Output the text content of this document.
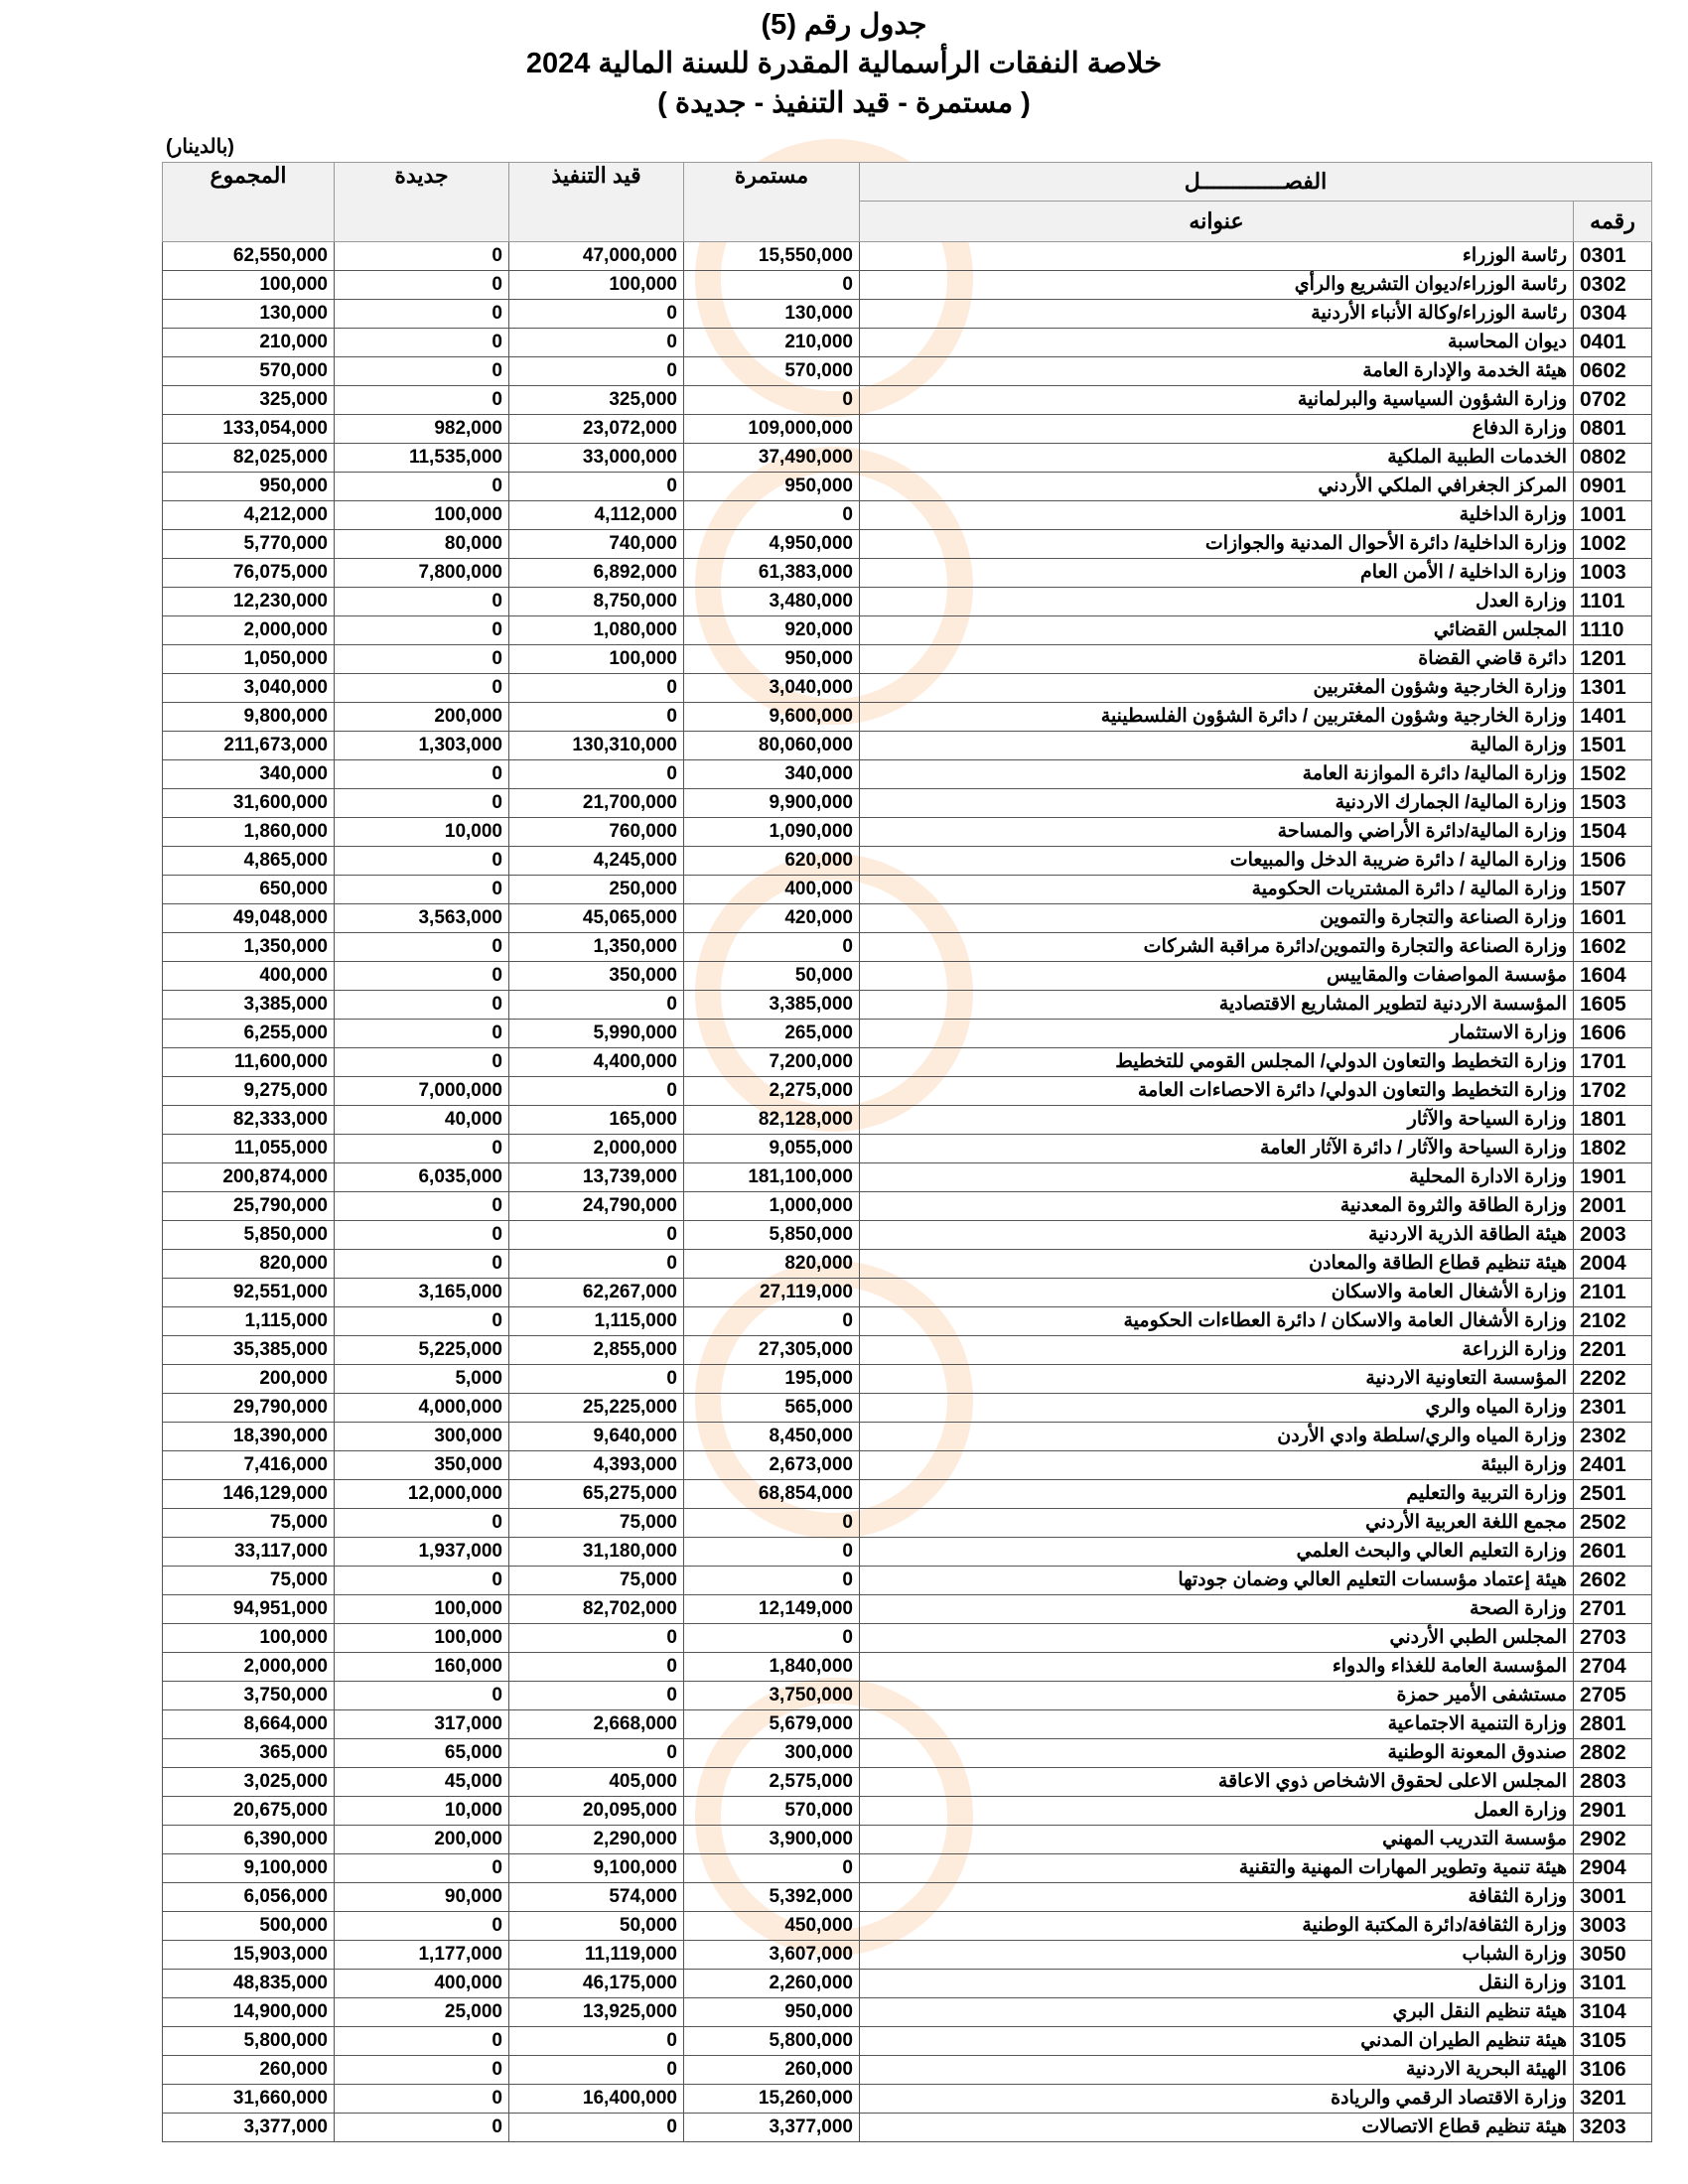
جدول رقم (5)
خلاصة النفقات الرأسمالية المقدرة للسنة المالية 2024
( مستمرة - قيد التنفيذ - جديدة )
(بالدينار)
المجموع	جديدة	قيد التنفيذ	مستمرة	الفصـــــــــــــل	
				عنوانه	رقمه
62,550,000	0	47,000,000	15,550,000	رئاسة الوزراء	0301
100,000	0	100,000	0	رئاسة الوزراء/ديوان التشريع والرأي	0302
130,000	0	0	130,000	رئاسة الوزراء/وكالة الأنباء الأردنية	0304
210,000	0	0	210,000	ديوان المحاسبة	0401
570,000	0	0	570,000	هيئة الخدمة والإدارة العامة	0602
325,000	0	325,000	0	وزارة الشؤون السياسية والبرلمانية	0702
133,054,000	982,000	23,072,000	109,000,000	وزارة الدفاع	0801
82,025,000	11,535,000	33,000,000	37,490,000	الخدمات الطبية الملكية	0802
950,000	0	0	950,000	المركز الجغرافي الملكي الأردني	0901
4,212,000	100,000	4,112,000	0	وزارة الداخلية	1001
5,770,000	80,000	740,000	4,950,000	وزارة الداخلية/ دائرة الأحوال المدنية والجوازات	1002
76,075,000	7,800,000	6,892,000	61,383,000	وزارة الداخلية / الأمن العام	1003
12,230,000	0	8,750,000	3,480,000	وزارة العدل	1101
2,000,000	0	1,080,000	920,000	المجلس القضائي	1110
1,050,000	0	100,000	950,000	دائرة قاضي القضاة	1201
3,040,000	0	0	3,040,000	وزارة الخارجية وشؤون المغتربين	1301
9,800,000	200,000	0	9,600,000	وزارة الخارجية وشؤون المغتربين / دائرة الشؤون الفلسطينية	1401
211,673,000	1,303,000	130,310,000	80,060,000	وزارة المالية	1501
340,000	0	0	340,000	وزارة المالية/ دائرة الموازنة العامة	1502
31,600,000	0	21,700,000	9,900,000	وزارة المالية/ الجمارك الاردنية	1503
1,860,000	10,000	760,000	1,090,000	وزارة المالية/دائرة الأراضي والمساحة	1504
4,865,000	0	4,245,000	620,000	وزارة المالية / دائرة ضريبة الدخل والمبيعات	1506
650,000	0	250,000	400,000	وزارة المالية / دائرة المشتريات الحكومية	1507
49,048,000	3,563,000	45,065,000	420,000	وزارة الصناعة والتجارة والتموين	1601
1,350,000	0	1,350,000	0	وزارة الصناعة والتجارة والتموين/دائرة مراقبة الشركات	1602
400,000	0	350,000	50,000	مؤسسة المواصفات والمقاييس	1604
3,385,000	0	0	3,385,000	المؤسسة الاردنية لتطوير المشاريع الاقتصادية	1605
6,255,000	0	5,990,000	265,000	وزارة الاستثمار	1606
11,600,000	0	4,400,000	7,200,000	وزارة التخطيط والتعاون الدولي/ المجلس القومي للتخطيط	1701
9,275,000	7,000,000	0	2,275,000	وزارة التخطيط والتعاون الدولي/ دائرة الاحصاءات العامة	1702
82,333,000	40,000	165,000	82,128,000	وزارة السياحة والآثار	1801
11,055,000	0	2,000,000	9,055,000	وزارة السياحة والآثار / دائرة الآثار العامة	1802
200,874,000	6,035,000	13,739,000	181,100,000	وزارة الادارة المحلية	1901
25,790,000	0	24,790,000	1,000,000	وزارة الطاقة والثروة المعدنية	2001
5,850,000	0	0	5,850,000	هيئة الطاقة الذرية الاردنية	2003
820,000	0	0	820,000	هيئة تنظيم قطاع الطاقة والمعادن	2004
92,551,000	3,165,000	62,267,000	27,119,000	وزارة الأشغال العامة والاسكان	2101
1,115,000	0	1,115,000	0	وزارة الأشغال العامة والاسكان / دائرة العطاءات الحكومية	2102
35,385,000	5,225,000	2,855,000	27,305,000	وزارة الزراعة	2201
200,000	5,000	0	195,000	المؤسسة التعاونية الاردنية	2202
29,790,000	4,000,000	25,225,000	565,000	وزارة المياه والري	2301
18,390,000	300,000	9,640,000	8,450,000	وزارة المياه والري/سلطة وادي الأردن	2302
7,416,000	350,000	4,393,000	2,673,000	وزارة البيئة	2401
146,129,000	12,000,000	65,275,000	68,854,000	وزارة التربية والتعليم	2501
75,000	0	75,000	0	مجمع اللغة العربية الأردني	2502
33,117,000	1,937,000	31,180,000	0	وزارة التعليم العالي والبحث العلمي	2601
75,000	0	75,000	0	هيئة إعتماد مؤسسات التعليم العالي وضمان جودتها	2602
94,951,000	100,000	82,702,000	12,149,000	وزارة الصحة	2701
100,000	100,000	0	0	المجلس الطبي الأردني	2703
2,000,000	160,000	0	1,840,000	المؤسسة العامة للغذاء والدواء	2704
3,750,000	0	0	3,750,000	مستشفى الأمير حمزة	2705
8,664,000	317,000	2,668,000	5,679,000	وزارة التنمية الاجتماعية	2801
365,000	65,000	0	300,000	صندوق المعونة الوطنية	2802
3,025,000	45,000	405,000	2,575,000	المجلس الاعلى لحقوق الاشخاص ذوي الاعاقة	2803
20,675,000	10,000	20,095,000	570,000	وزارة العمل	2901
6,390,000	200,000	2,290,000	3,900,000	مؤسسة التدريب المهني	2902
9,100,000	0	9,100,000	0	هيئة تنمية وتطوير المهارات المهنية والتقنية	2904
6,056,000	90,000	574,000	5,392,000	وزارة الثقافة	3001
500,000	0	50,000	450,000	وزارة الثقافة/دائرة المكتبة الوطنية	3003
15,903,000	1,177,000	11,119,000	3,607,000	وزارة الشباب	3050
48,835,000	400,000	46,175,000	2,260,000	وزارة النقل	3101
14,900,000	25,000	13,925,000	950,000	هيئة تنظيم النقل البري	3104
5,800,000	0	0	5,800,000	هيئة تنظيم الطيران المدني	3105
260,000	0	0	260,000	الهيئة البحرية الاردنية	3106
31,660,000	0	16,400,000	15,260,000	وزارة الاقتصاد الرقمي والريادة	3201
3,377,000	0	0	3,377,000	هيئة تنظيم قطاع الاتصالات	3203
